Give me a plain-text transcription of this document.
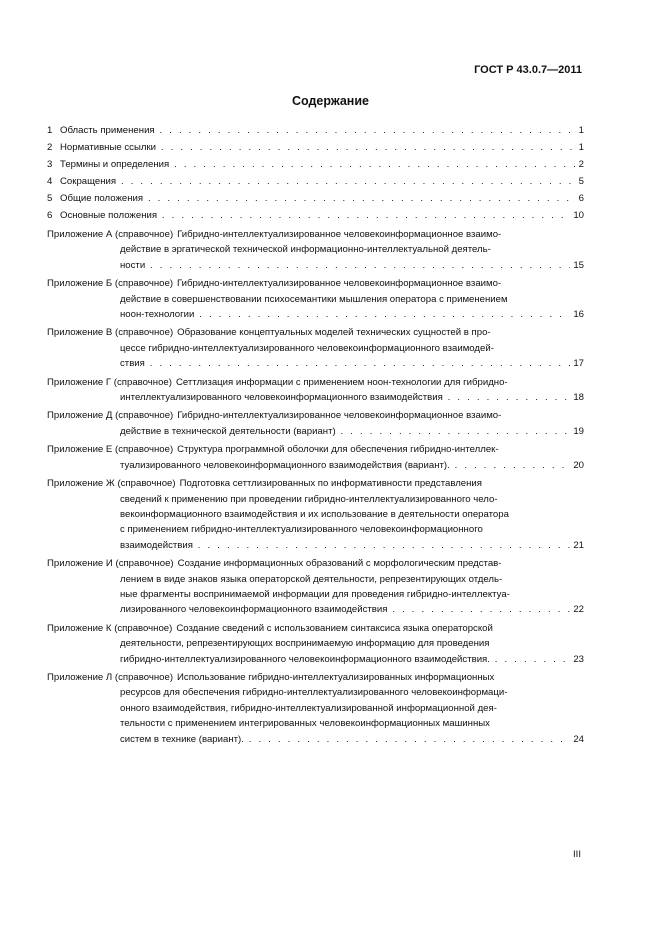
ГОСТ Р 43.0.7—2011
Содержание
1 Область применения . . .	1
2 Нормативные ссылки . . .	1
3 Термины и определения . . .	2
4 Сокращения . . .	5
5 Общие положения . . .	6
6 Основные положения . . .	10
Приложение А (справочное) Гибридно-интеллектуализированное человекоинформационное взаимо-
действие в эргатической технической информационно-интеллектуальной деятель-
ности . . .	15
Приложение Б (справочное) Гибридно-интеллектуализированное человекоинформационное взаимо-
действие в совершенствовании психосемантики мышления оператора с применением
ноон-технологии . . .	16
Приложение В (справочное) Образование концептуальных моделей технических сущностей в про-
цессе гибридно-интеллектуализированного человекоинформационного взаимодей-
ствия . . .	17
Приложение Г (справочное) Сеттлизация информации с применением ноон-технологии для гибридно-
интеллектуализированного человекоинформационного взаимодействия . . .	18
Приложение Д (справочное) Гибридно-интеллектуализированное человекоинформационное взаимо-
действие в технической деятельности (вариант) . . .	19
Приложение Е (справочное) Структура программной оболочки для обеспечения гибридно-интеллек-
туализированного человекоинформационного взаимодействия (вариант). . . .	20
Приложение Ж (справочное) Подготовка сеттлизированных по информативности представления
сведений к применению при проведении гибридно-интеллектуализированного чело-
векоинформационного взаимодействия и их использование в деятельности оператора
с применением гибридно-интеллектуализированного человекоинформационного
взаимодействия . . .	21
Приложение И (справочное) Создание информационных образований с морфологическим представ-
лением в виде знаков языка операторской деятельности, репрезентирующих отдель-
ные фрагменты воспринимаемой информации для проведения гибридно-интеллектуа-
лизированного человекоинформационного взаимодействия . . .	22
Приложение К (справочное) Создание сведений с использованием синтаксиса языка операторской
деятельности, репрезентирующих воспринимаемую информацию для проведения
гибридно-интеллектуализированного человекоинформационного взаимодействия. . . .	23
Приложение Л (справочное) Использование гибридно-интеллектуализированных информационных
ресурсов для обеспечения гибридно-интеллектуализированного человекоинформаци-
онного взаимодействия, гибридно-интеллектуализированной информационной дея-
тельности с применением интегрированных человекоинформационных машинных
систем в технике (вариант). . . .	24
III
